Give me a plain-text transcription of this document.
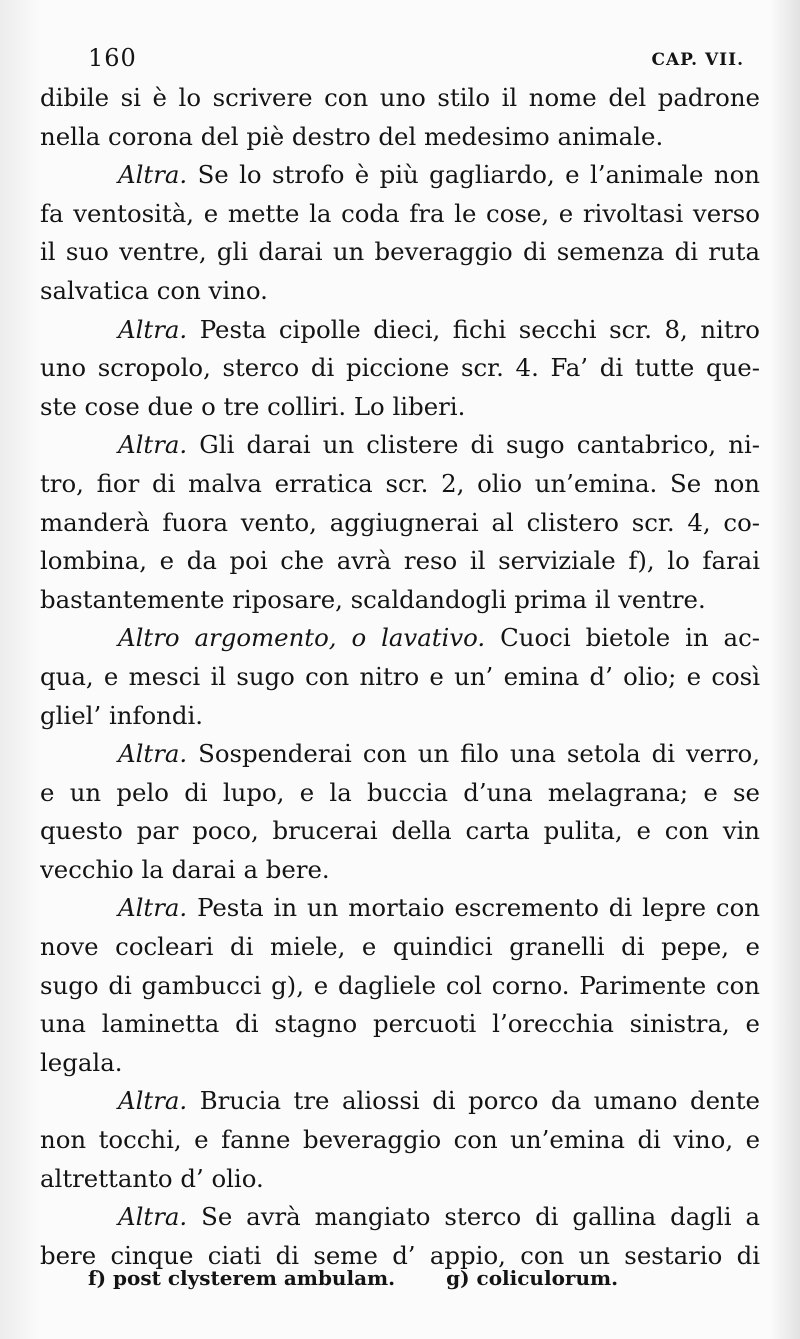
160	CAP. VII.
dibile si è lo scrivere con uno stilo il nome del padrone
nella corona del piè destro del medesimo animale.
Altra. Se lo strofo è più gagliardo, e l’animale non
fa ventosità, e mette la coda fra le cose, e rivoltasi verso
il suo ventre, gli darai un beveraggio di semenza di ruta
salvatica con vino.
Altra. Pesta cipolle dieci, fichi secchi scr. 8, nitro
uno scropolo, sterco di piccione scr. 4. Fa’ di tutte que-
ste cose due o tre colliri. Lo liberi.
Altra. Gli darai un clistere di sugo cantabrico, ni-
tro, fior di malva erratica scr. 2, olio un’emina. Se non
manderà fuora vento, aggiugnerai al clistero scr. 4, co-
lombina, e da poi che avrà reso il serviziale f), lo farai
bastantemente riposare, scaldandogli prima il ventre.
Altro argomento, o lavativo. Cuoci bietole in ac-
qua, e mesci il sugo con nitro e un’ emina d’ olio; e così
gliel’ infondi.
Altra. Sospenderai con un filo una setola di verro,
e un pelo di lupo, e la buccia d’una melagrana; e se
questo par poco, brucerai della carta pulita, e con vin
vecchio la darai a bere.
Altra. Pesta in un mortaio escremento di lepre con
nove cocleari di miele, e quindici granelli di pepe, e
sugo di gambucci g), e dagliele col corno. Parimente con
una laminetta di stagno percuoti l’orecchia sinistra, e
legala.
Altra. Brucia tre aliossi di porco da umano dente
non tocchi, e fanne beveraggio con un’emina di vino, e
altrettanto d’ olio.
Altra. Se avrà mangiato sterco di gallina dagli a
bere cinque ciati di seme d’ appio, con un sestario di
f) post clysterem ambulam.	g) coliculorum.
